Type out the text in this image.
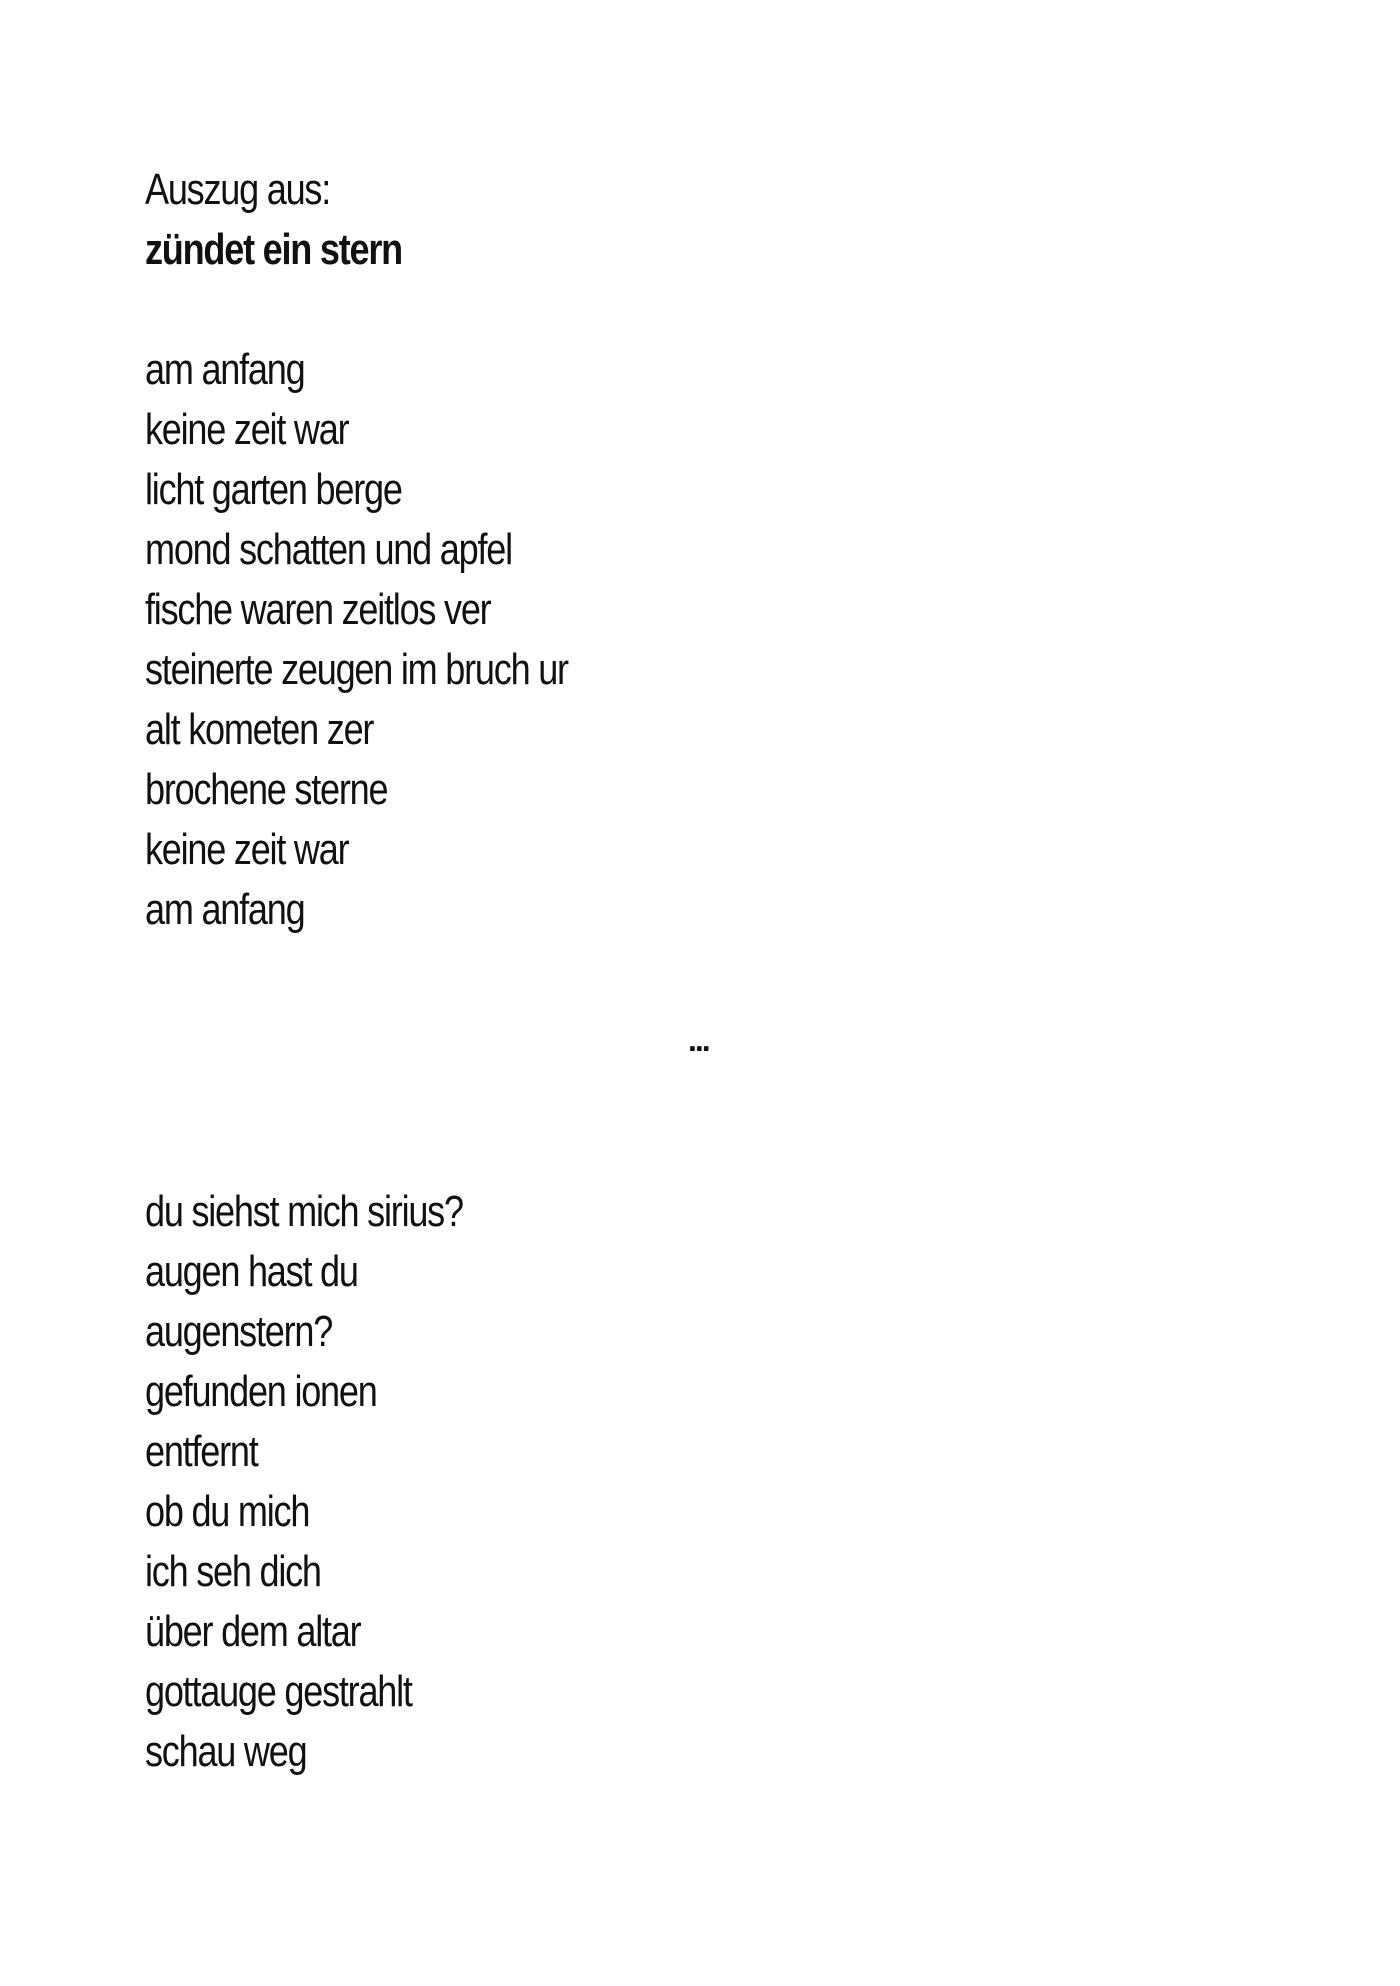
Auszug aus:
zündet ein stern
am anfang
keine zeit war
licht garten berge
mond schatten und apfel
fische waren zeitlos ver
steinerte zeugen im bruch ur
alt kometen zer
brochene sterne
keine zeit war
am anfang
...
du siehst mich sirius?
augen hast du
augenstern?
gefunden ionen
entfernt
ob du mich
ich seh dich
über dem altar
gottauge gestrahlt
schau weg
